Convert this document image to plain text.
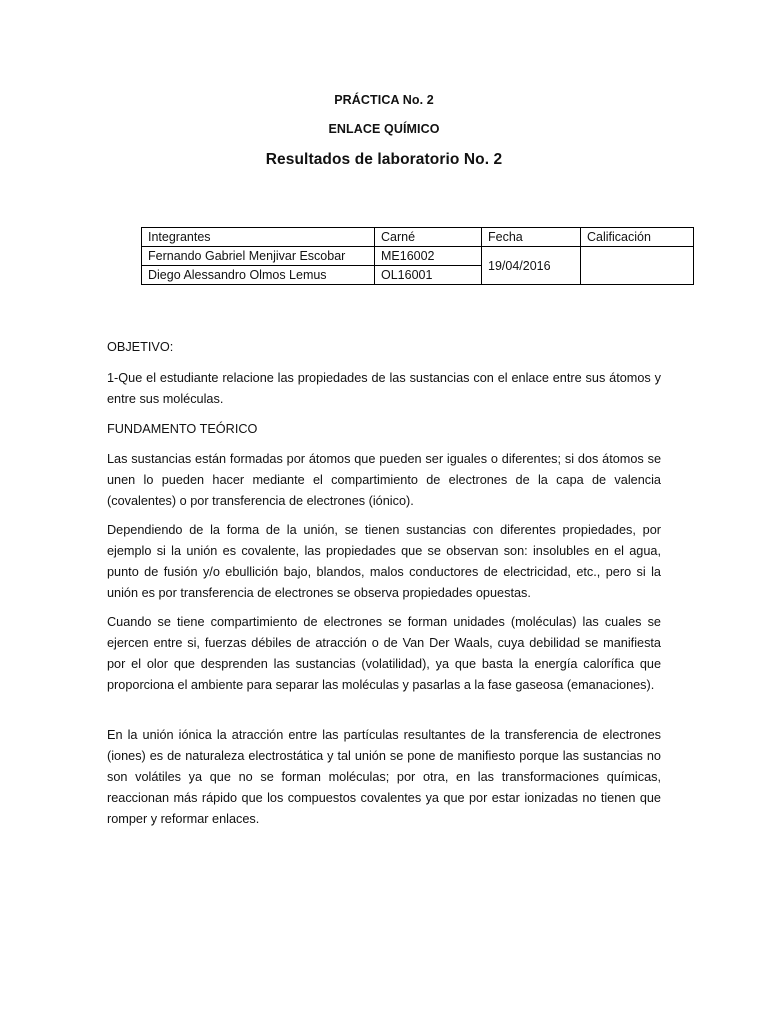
PRÁCTICA No. 2
ENLACE QUÍMICO
Resultados de laboratorio No. 2
Integrantes	Carné	Fecha	Calificación
Fernando Gabriel Menjivar Escobar	ME16002	19/04/2016	
Diego Alessandro Olmos Lemus	OL16001		

OBJETIVO:

1-Que el estudiante relacione las propiedades de las sustancias con el enlace entre sus átomos y entre sus moléculas.

FUNDAMENTO TEÓRICO

Las sustancias están formadas por átomos que pueden ser iguales o diferentes; si dos átomos se unen lo pueden hacer mediante el compartimiento de electrones de la capa de valencia (covalentes) o por transferencia de electrones (iónico).

Dependiendo de la forma de la unión, se tienen sustancias con diferentes propiedades, por ejemplo si la unión es covalente, las propiedades que se observan son: insolubles en el agua, punto de fusión y/o ebullición bajo, blandos, malos conductores de electricidad, etc., pero si la unión es por transferencia de electrones se observa propiedades opuestas.

Cuando se tiene compartimiento de electrones se forman unidades (moléculas) las cuales se ejercen entre si, fuerzas débiles de atracción o de Van Der Waals, cuya debilidad se manifiesta por el olor que desprenden las sustancias (volatilidad), ya que basta la energía calorífica que proporciona el ambiente para separar las moléculas y pasarlas a la fase gaseosa (emanaciones).

En la unión iónica la atracción entre las partículas resultantes de la transferencia de electrones (iones) es de naturaleza electrostática y tal unión se pone de manifiesto porque las sustancias no son volátiles ya que no se forman moléculas; por otra, en las transformaciones químicas, reaccionan más rápido que los compuestos covalentes ya que por estar ionizadas no tienen que romper y reformar enlaces.
